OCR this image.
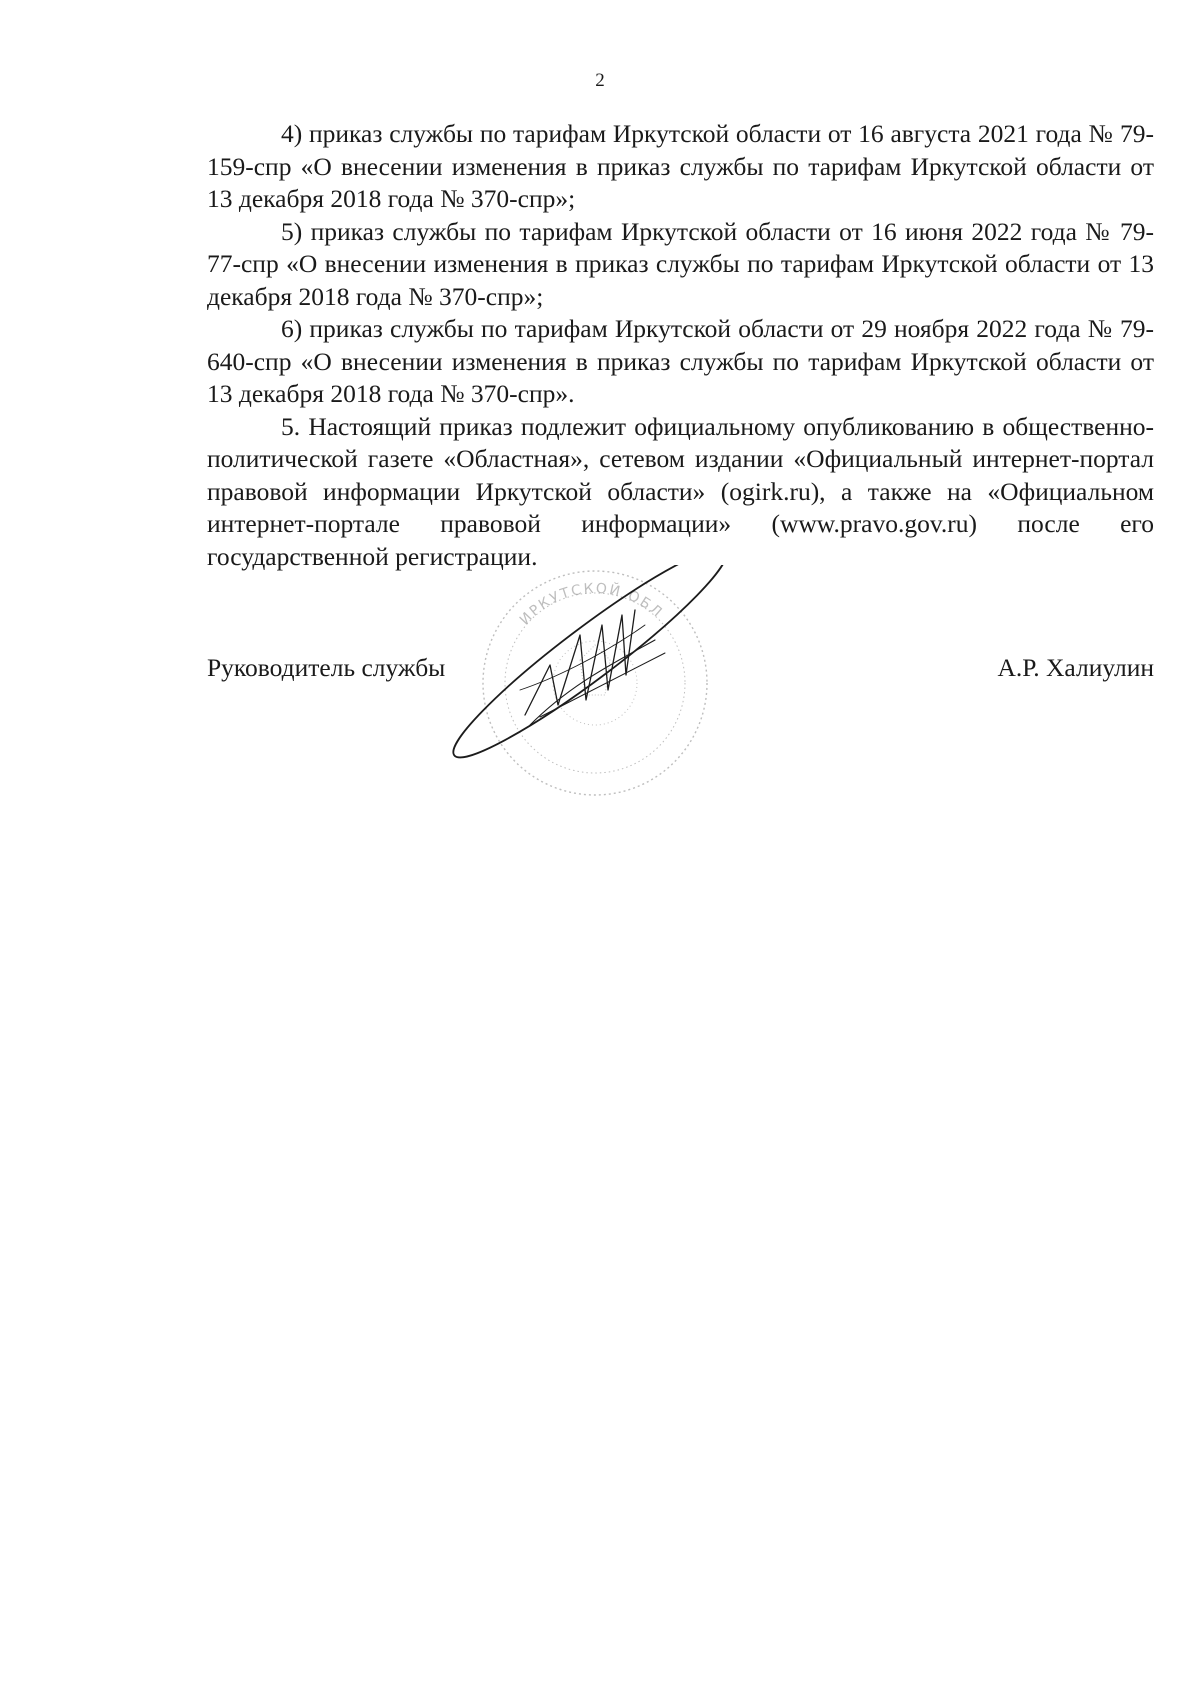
2

4) приказ службы по тарифам Иркутской области от 16 августа 2021 года № 79-159-спр «О внесении изменения в приказ службы по тарифам Иркутской области от 13 декабря 2018 года № 370-спр»;

5) приказ службы по тарифам Иркутской области от 16 июня 2022 года № 79-77-спр «О внесении изменения в приказ службы по тарифам Иркутской области от 13 декабря 2018 года № 370-спр»;

6) приказ службы по тарифам Иркутской области от 29 ноября 2022 года № 79-640-спр «О внесении изменения в приказ службы по тарифам Иркутской области от 13 декабря 2018 года № 370-спр».

5. Настоящий приказ подлежит официальному опубликованию в общественно-политической газете «Областная», сетевом издании «Официальный интернет-портал правовой информации Иркутской области» (ogirk.ru), а также на «Официальном интернет-портале правовой информации» (www.pravo.gov.ru) после его государственной регистрации.

ИРКУТСКОЙ ОБЛ
Руководитель службы	А.Р. Халиулин
